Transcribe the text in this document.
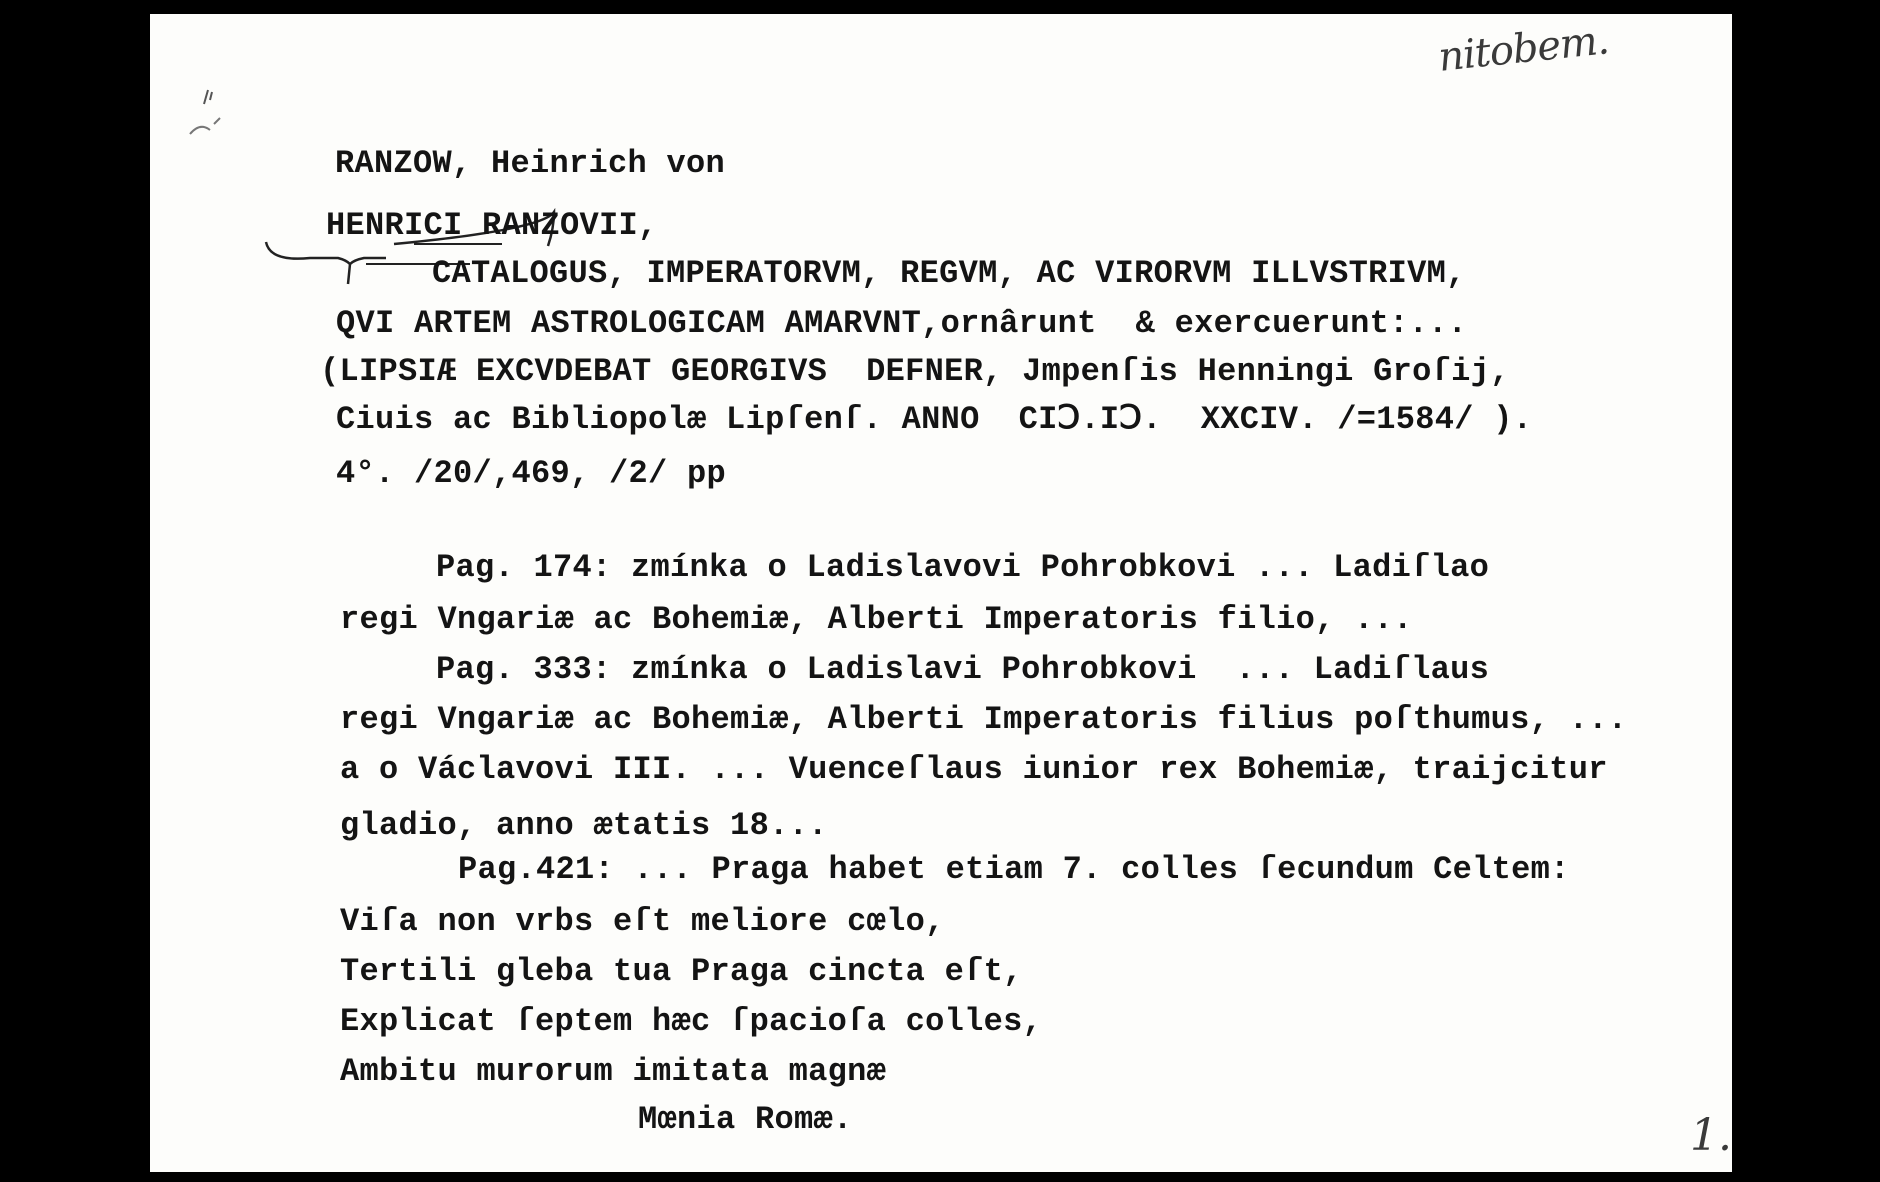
nitobem.
1.
RANZOW, Heinrich von
HENRICI RANZOVII,
CATALOGUS, IMPERATORVM, REGVM, AC VIRORVM ILLVSTRIVM,
QVI ARTEM ASTROLOGICAM AMARVNT,ornârunt  & exercuerunt:...
(LIPSIÆ EXCVDEBAT GEORGIVS  DEFNER, Jmpenſis Henningi Groſij,
Ciuis ac Bibliopolæ Lipſenſ. ANNO  CIↃ.IↃ.  XXCIV. /=1584/ ).
4°. /20/,469, /2/ pp
Pag. 174: zmínka o Ladislavovi Pohrobkovi ... Ladiſlao
regi Vngariæ ac Bohemiæ, Alberti Imperatoris filio, ...
Pag. 333: zmínka o Ladislavi Pohrobkovi  ... Ladiſlaus
regi Vngariæ ac Bohemiæ, Alberti Imperatoris filius poſthumus, ...
a o Václavovi III. ... Vuenceſlaus iunior rex Bohemiæ, traijcitur
gladio, anno ætatis 18...
Pag.421: ... Praga habet etiam 7. colles ſecundum Celtem:
Viſa non vrbs eſt meliore cœlo,
Tertili gleba tua Praga cincta eſt,
Explicat ſeptem hæc ſpacioſa colles,
Ambitu murorum imitata magnæ
Mœnia Romæ.
